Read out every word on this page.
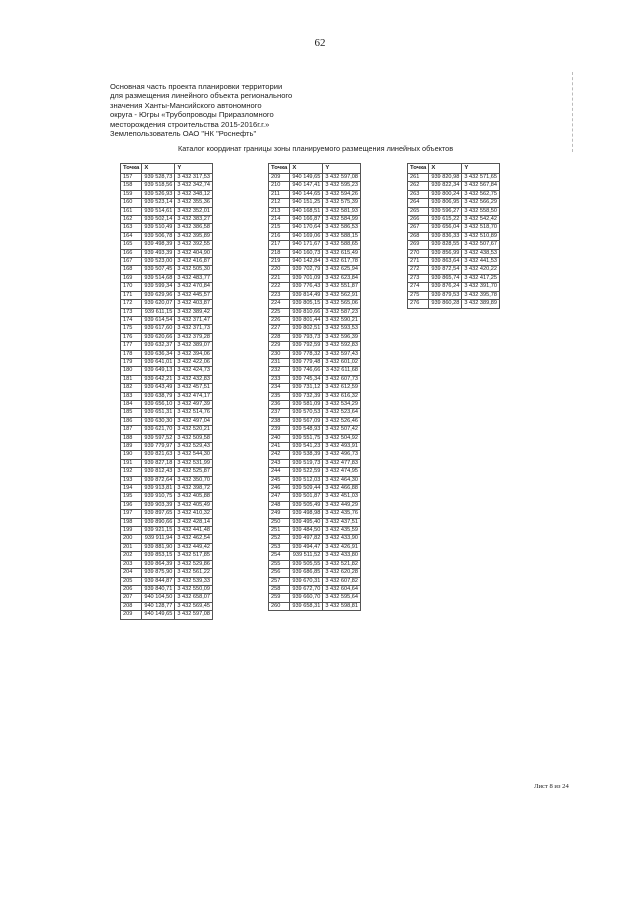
62
Основная часть проекта планировки территории
для размещения линейного объекта регионального
значения Ханты-Мансийского автономного
округа - Югры «Трубопроводы Приразломного
месторождения строительства 2015-2016г.г.»
Землепользователь ОАО "НК "Роснефть"
Каталог координат границы зоны планируемого размещения линейных объектов
Точка	X	Y
157	939 528,73	3 432 317,53
158	939 518,56	3 432 342,74
159	939 526,93	3 432 348,12
160	939 523,14	3 432 355,36
161	939 514,61	3 432 352,01
162	939 502,14	3 432 383,27
163	939 510,49	3 432 386,58
164	939 506,78	3 432 395,89
165	939 498,39	3 432 392,55
166	939 493,39	3 432 404,90
167	939 523,00	3 432 416,87
168	939 507,45	3 432 505,30
169	939 514,68	3 432 483,77
170	939 599,34	3 432 470,84
171	939 629,96	3 432 445,57
172	939 620,07	3 432 403,87
173	939 611,15	3 432 389,42
174	939 614,54	3 432 371,47
175	939 617,60	3 432 371,73
176	939 620,66	3 432 379,28
177	939 632,37	3 432 389,07
178	939 636,34	3 432 394,06
179	939 641,01	3 432 422,06
180	939 649,13	3 432 424,73
181	939 642,21	3 432 432,83
182	939 643,49	3 432 457,51
183	939 638,79	3 432 474,17
184	939 656,10	3 432 497,39
185	939 651,31	3 432 514,76
186	939 630,30	3 432 497,04
187	939 621,70	3 432 520,21
188	939 597,52	3 432 509,58
189	939 779,97	3 432 529,43
190	939 821,63	3 432 544,30
191	939 827,18	3 432 531,99
192	939 812,43	3 432 525,87
193	939 872,64	3 432 350,70
194	939 913,81	3 432 398,72
195	939 910,75	3 432 405,88
196	939 903,39	3 432 405,49
197	939 897,65	3 432 410,32
198	939 890,66	3 432 428,14
199	939 921,15	3 432 441,48
200	939 911,94	3 432 462,54
201	939 881,90	3 432 449,42
202	939 853,15	3 432 517,85
203	939 864,39	3 432 529,86
204	939 875,90	3 432 561,22
205	939 844,87	3 432 539,33
206	939 840,71	3 432 550,09
207	940 104,50	3 432 658,07
208	940 128,77	3 432 569,45
209	940 149,65	3 432 597,08
Точка	X	Y
209	940 149,65	3 432 597,08
210	940 147,41	3 432 595,23
211	940 144,65	3 432 594,26
212	940 151,25	3 432 575,39
213	940 168,51	3 432 581,93
214	940 166,87	3 432 584,99
215	940 170,64	3 432 586,53
216	940 169,06	3 432 588,15
217	940 171,67	3 432 588,65
218	940 160,73	3 432 615,49
219	940 142,84	3 432 617,78
220	939 702,79	3 432 625,94
221	939 701,09	3 432 623,84
222	939 776,43	3 432 551,87
223	939 814,49	3 432 562,91
224	939 805,15	3 432 565,06
225	939 810,66	3 432 587,23
226	939 801,44	3 432 590,21
227	939 802,51	3 432 593,53
228	939 793,73	3 432 596,39
229	939 792,59	3 432 592,83
230	939 778,32	3 432 597,43
231	939 779,48	3 432 601,02
232	939 746,66	3 432 611,68
233	939 745,34	3 432 607,73
234	939 731,12	3 432 612,59
235	939 732,39	3 432 616,32
236	939 581,09	3 432 534,29
237	939 570,53	3 432 523,64
238	939 567,09	3 432 526,46
239	939 548,93	3 432 507,42
240	939 551,75	3 432 504,92
241	939 541,23	3 432 493,91
242	939 538,39	3 432 496,73
243	939 519,73	3 432 477,83
244	939 522,59	3 432 474,95
245	939 512,03	3 432 464,30
246	939 509,44	3 432 466,88
247	939 501,87	3 432 451,03
248	939 505,49	3 432 449,29
249	939 498,98	3 432 435,76
250	939 495,40	3 432 437,51
251	939 484,50	3 432 435,59
252	939 497,82	3 432 433,90
253	939 494,47	3 432 426,91
254	939 511,52	3 432 433,80
255	939 505,55	3 432 521,82
256	939 686,85	3 432 620,28
257	939 670,31	3 432 607,82
258	939 672,70	3 432 604,64
259	939 660,70	3 432 595,64
260	939 658,31	3 432 598,81
Точка	X	Y
261	939 820,98	3 432 571,65
262	939 822,34	3 432 567,84
263	939 800,24	3 432 562,75
264	939 806,95	3 432 566,29
265	939 596,27	3 432 558,50
266	939 615,22	3 432 542,42
267	939 656,04	3 432 518,70
268	939 836,33	3 432 510,89
269	939 828,55	3 432 507,67
270	939 856,99	3 432 438,53
271	939 863,64	3 432 441,53
272	939 872,54	3 432 420,22
273	939 865,74	3 432 417,25
274	939 876,24	3 432 391,70
275	939 879,53	3 432 395,78
276	939 860,28	3 432 389,89
Лист 8 из 24
